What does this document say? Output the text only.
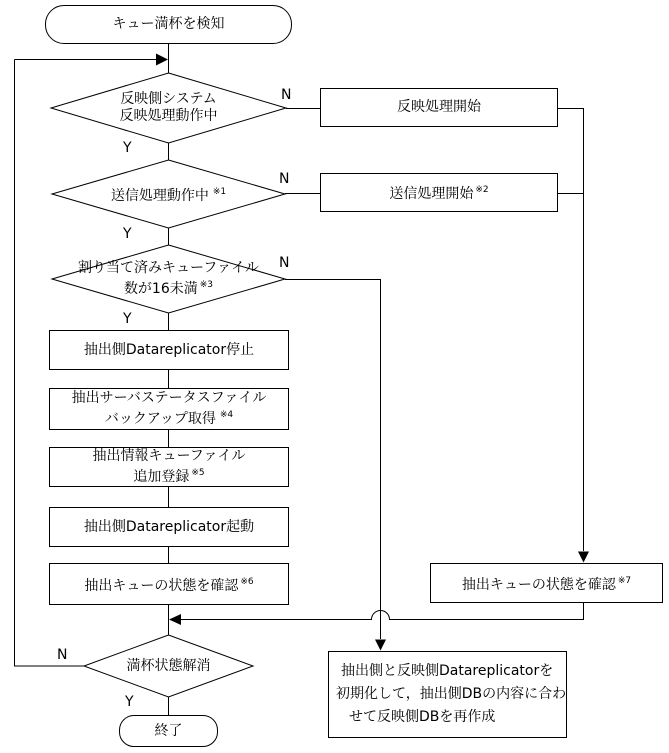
キュー満杯を検知
反映側システム
反映処理動作中
反映処理開始
送信処理動作中 $^{※1}$	送信処理開始 $^{※2}$
割り当て済みキューファイル
数が16未満 $^{※3}$
抽出側Datareplicator停止
抽出サーバステータスファイル
バックアップ取得 $^{※4}$
抽出情報キューファイル
追加登録 $^{※5}$
抽出側Datareplicator起動
抽出キューの状態を確認 $^{※6}$	抽出キューの状態を確認 $^{※7}$
抽出側と反映側Datareplicatorを
初期化して，抽出側DBの内容に合わ
せて反映側DBを再作成
満杯状態解消
終了
N
Y
N
Y
N
Y
N
Y
